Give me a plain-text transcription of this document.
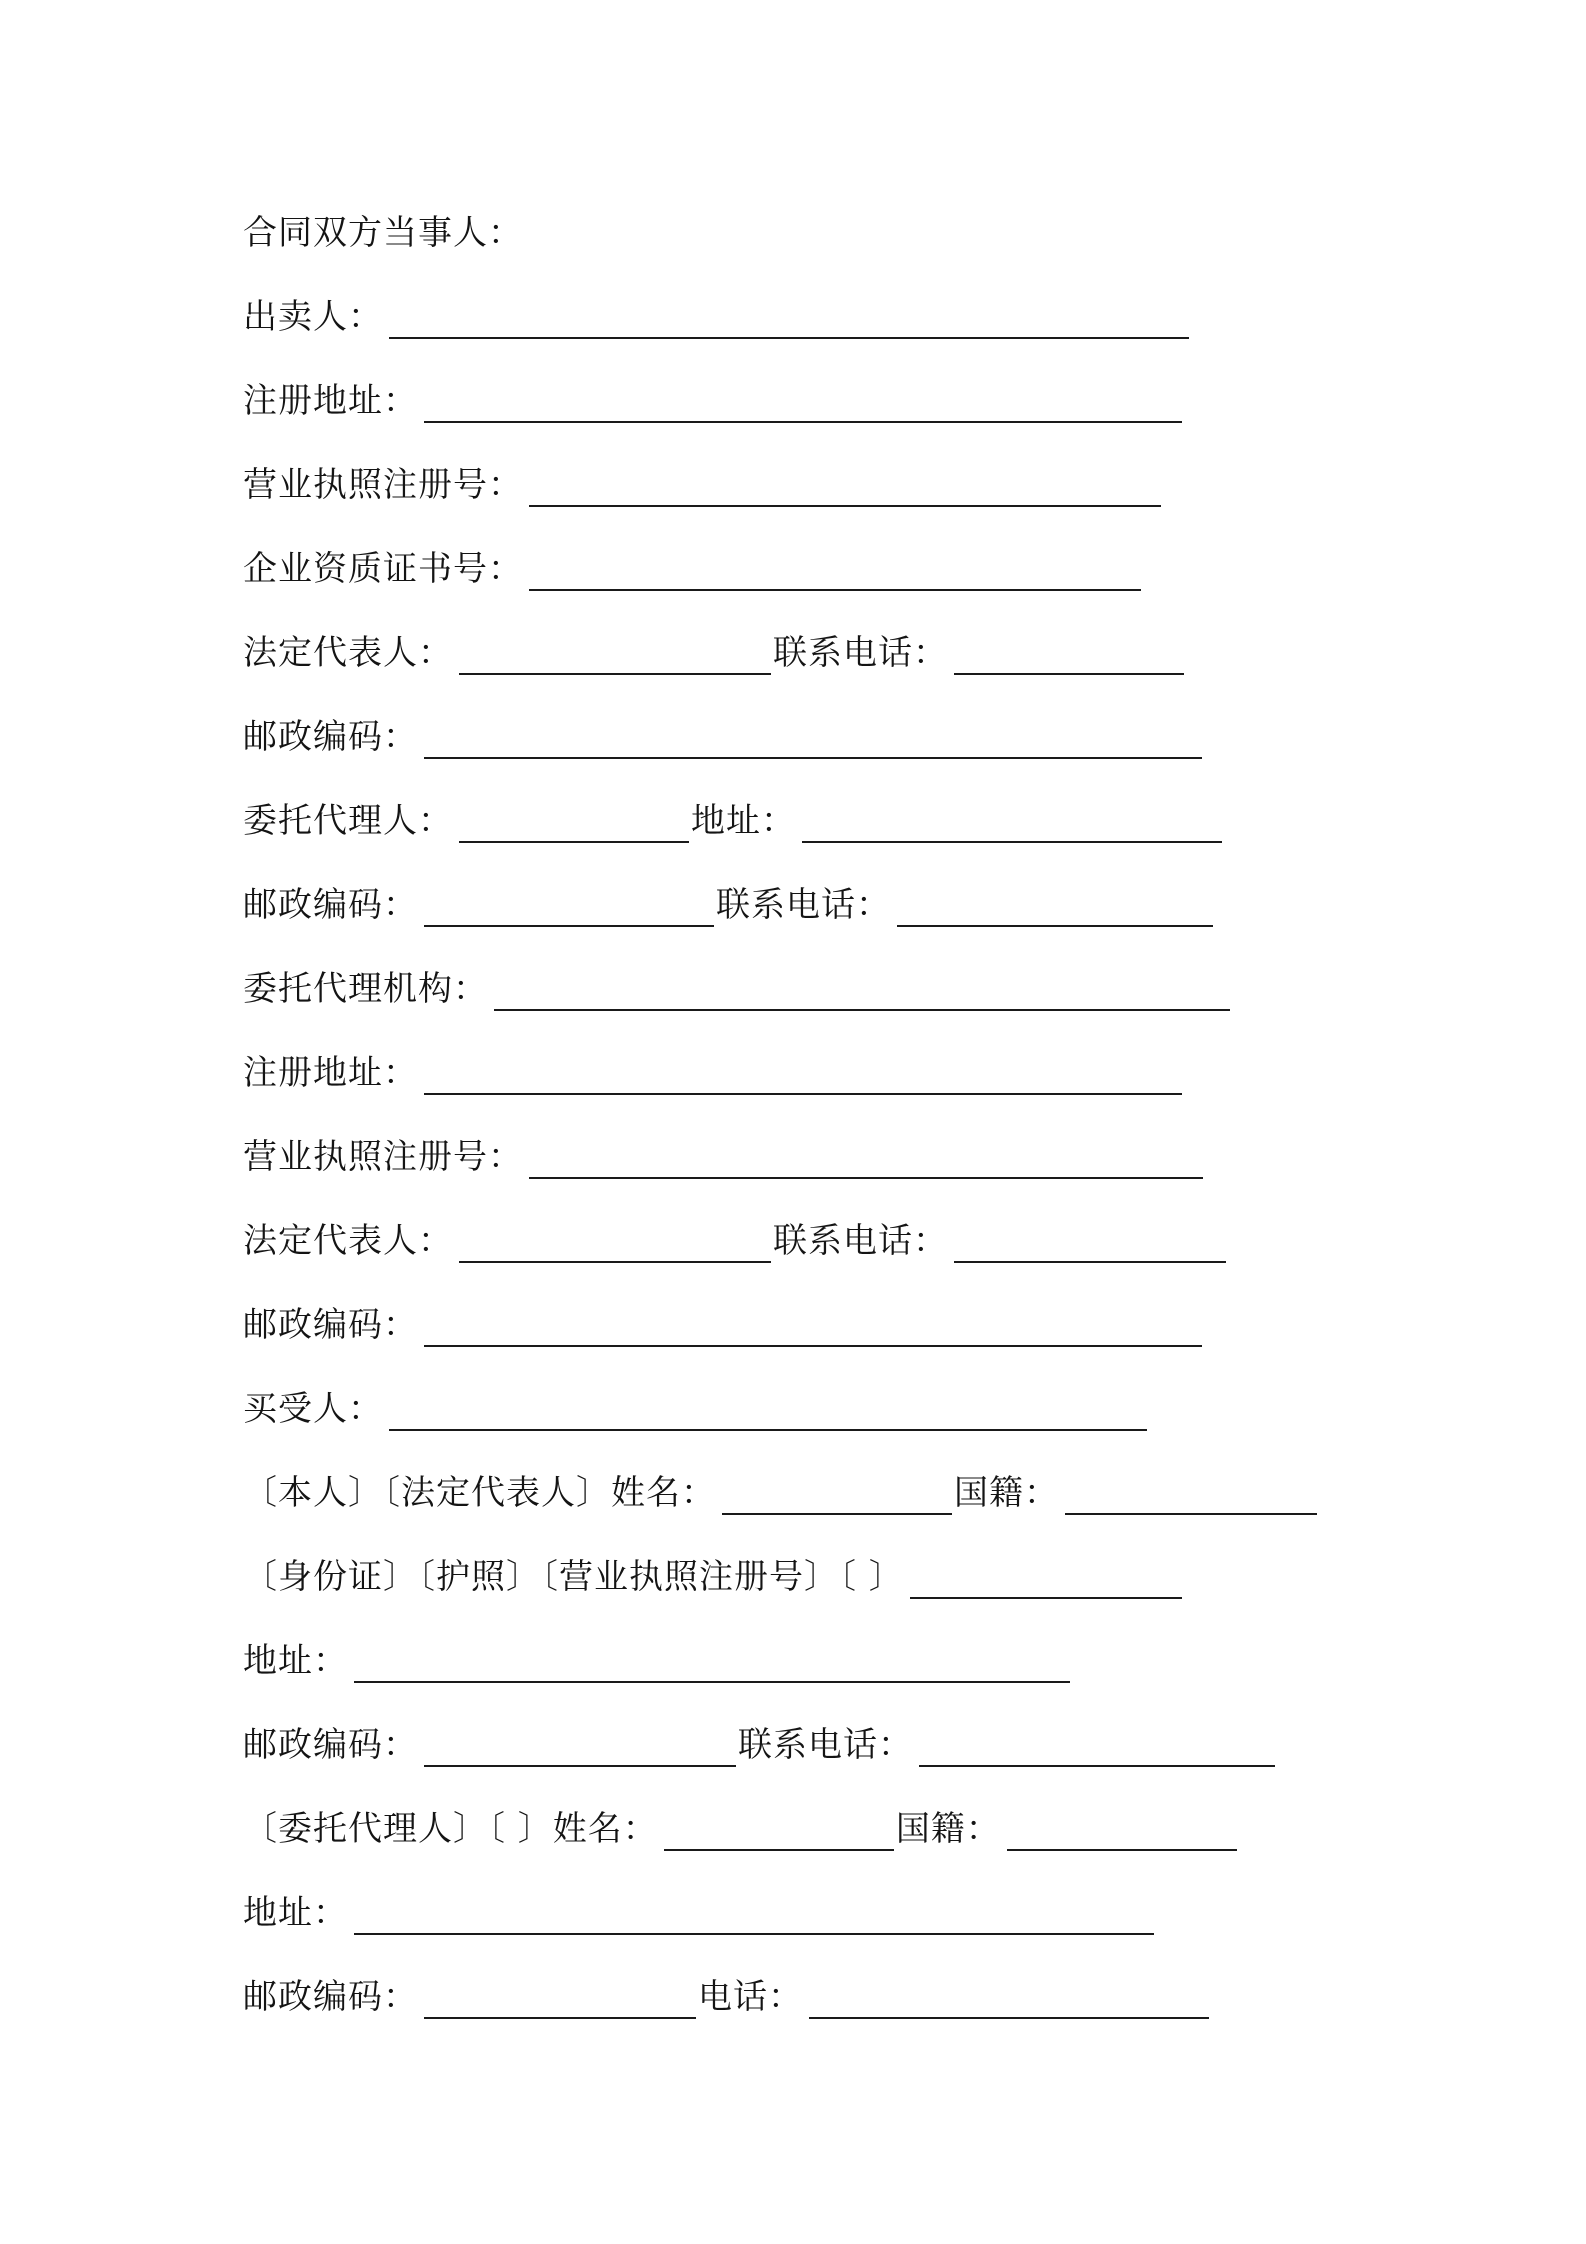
合同双方当事人：
出卖人：
注册地址：
营业执照注册号：
企业资质证书号：
法定代表人：	联系电话：
邮政编码：
委托代理人：	地址：
邮政编码：	联系电话：
委托代理机构：
注册地址：
营业执照注册号：
法定代表人：	联系电话：
邮政编码：
买受人：
〔本人〕〔法定代表人〕姓名：	国籍：
〔身份证〕〔护照〕〔营业执照注册号〕〔 〕
地址：
邮政编码：	联系电话：
〔委托代理人〕〔 〕姓名：	国籍：
地址：
邮政编码：	电话：
